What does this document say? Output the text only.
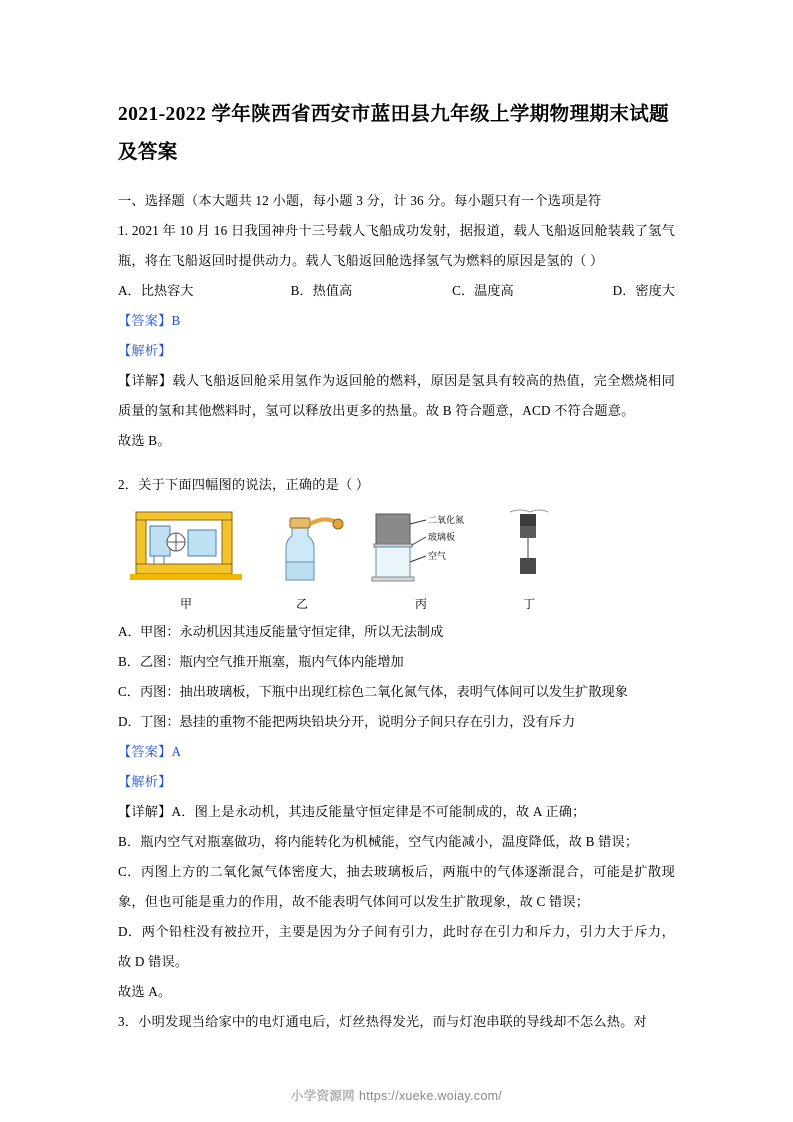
2021-2022 学年陕西省西安市蓝田县九年级上学期物理期末试题及答案
一、选择题（本大题共 12 小题，每小题 3 分，计 36 分。每小题只有一个选项是符
1. 2021 年 10 月 16 日我国神舟十三号载人飞船成功发射，据报道，载人飞船返回舱装载了氢气瓶，将在飞船返回时提供动力。载人飞船返回舱选择氢气为燃料的原因是氢的（ ）
A．比热容大	B．热值高	C．温度高	D．密度大
【答案】B
【解析】
【详解】载人飞船返回舱采用氢作为返回舱的燃料，原因是氢具有较高的热值，完全燃烧相同质量的氢和其他燃料时，氢可以释放出更多的热量。故 B 符合题意，ACD 不符合题意。
故选 B。
2．关于下面四幅图的说法，正确的是（ ）
甲	乙
二氧化氮
玻璃板
空气
丙	丁
A．甲图：永动机因其违反能量守恒定律，所以无法制成
B．乙图：瓶内空气推开瓶塞，瓶内气体内能增加
C．丙图：抽出玻璃板，下瓶中出现红棕色二氧化氮气体，表明气体间可以发生扩散现象
D．丁图：悬挂的重物不能把两块铅块分开，说明分子间只存在引力，没有斥力
【答案】A
【解析】
【详解】A．图上是永动机，其违反能量守恒定律是不可能制成的，故 A 正确；
B．瓶内空气对瓶塞做功，将内能转化为机械能，空气内能减小，温度降低，故 B 错误；
C．丙图上方的二氧化氮气体密度大，抽去玻璃板后，两瓶中的气体逐渐混合，可能是扩散现象，但也可能是重力的作用，故不能表明气体间可以发生扩散现象，故 C 错误；
D．两个铅柱没有被拉开，主要是因为分子间有引力，此时存在引力和斥力，引力大于斥力，故 D 错误。
故选 A。
3．小明发现当给家中的电灯通电后，灯丝热得发光，而与灯泡串联的导线却不怎么热。对
小学资源网 https://xueke.woiay.com/
